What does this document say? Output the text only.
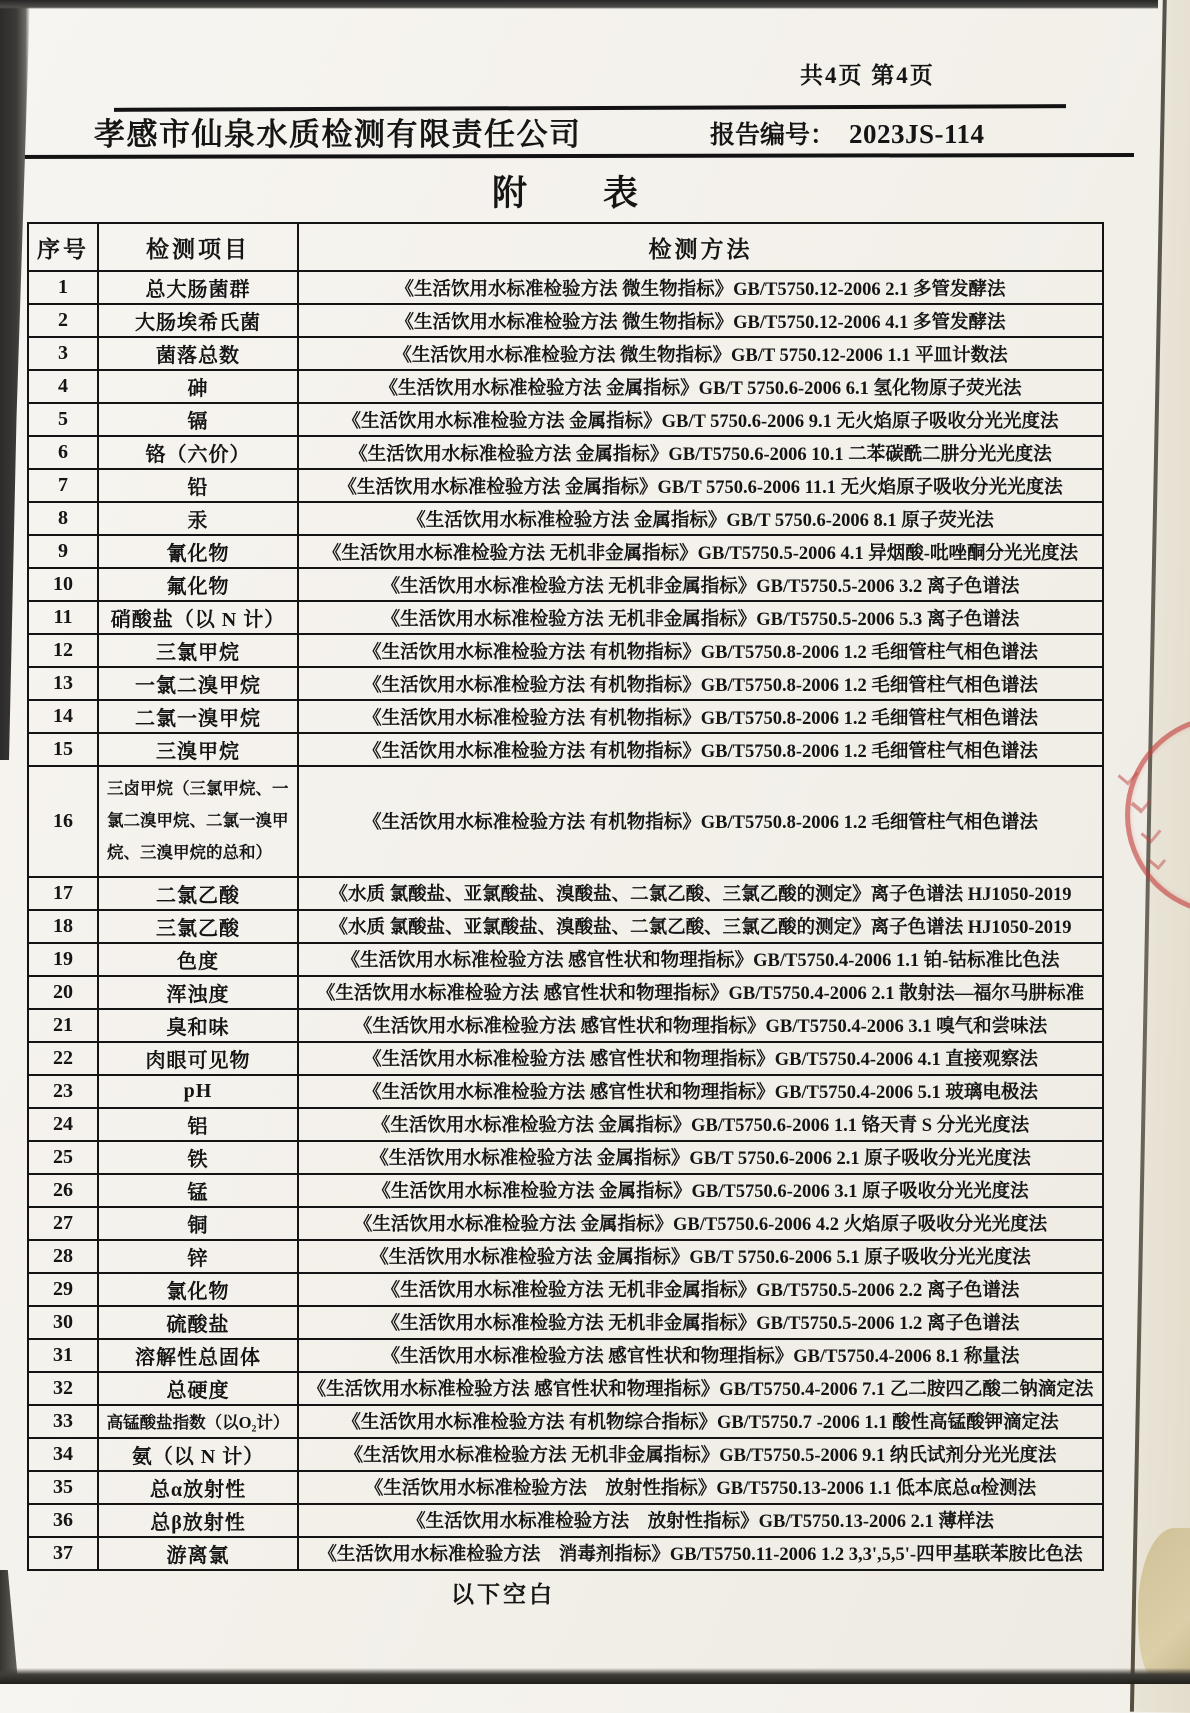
共4页 第4页
孝感市仙泉水质检测有限责任公司	报告编号： 2023JS-114
附　　表
序号	检测项目	检测方法
1	总大肠菌群	《生活饮用水标准检验方法 微生物指标》GB/T5750.12-2006 2.1 多管发酵法
2	大肠埃希氏菌	《生活饮用水标准检验方法 微生物指标》GB/T5750.12-2006 4.1 多管发酵法
3	菌落总数	《生活饮用水标准检验方法 微生物指标》GB/T 5750.12-2006 1.1 平皿计数法
4	砷	《生活饮用水标准检验方法 金属指标》GB/T 5750.6-2006 6.1 氢化物原子荧光法
5	镉	《生活饮用水标准检验方法 金属指标》GB/T 5750.6-2006 9.1 无火焰原子吸收分光光度法
6	铬（六价）	《生活饮用水标准检验方法 金属指标》GB/T5750.6-2006 10.1 二苯碳酰二肼分光光度法
7	铅	《生活饮用水标准检验方法 金属指标》GB/T 5750.6-2006 11.1 无火焰原子吸收分光光度法
8	汞	《生活饮用水标准检验方法 金属指标》GB/T 5750.6-2006 8.1 原子荧光法
9	氰化物	《生活饮用水标准检验方法 无机非金属指标》GB/T5750.5-2006 4.1 异烟酸-吡唑酮分光光度法
10	氟化物	《生活饮用水标准检验方法 无机非金属指标》GB/T5750.5-2006 3.2 离子色谱法
11	硝酸盐（以 N 计）	《生活饮用水标准检验方法 无机非金属指标》GB/T5750.5-2006 5.3 离子色谱法
12	三氯甲烷	《生活饮用水标准检验方法 有机物指标》GB/T5750.8-2006 1.2 毛细管柱气相色谱法
13	一氯二溴甲烷	《生活饮用水标准检验方法 有机物指标》GB/T5750.8-2006 1.2 毛细管柱气相色谱法
14	二氯一溴甲烷	《生活饮用水标准检验方法 有机物指标》GB/T5750.8-2006 1.2 毛细管柱气相色谱法
15	三溴甲烷	《生活饮用水标准检验方法 有机物指标》GB/T5750.8-2006 1.2 毛细管柱气相色谱法
16	三卤甲烷（三氯甲烷、一氯二溴甲烷、二氯一溴甲烷、三溴甲烷的总和）	《生活饮用水标准检验方法 有机物指标》GB/T5750.8-2006 1.2 毛细管柱气相色谱法
17	二氯乙酸	《水质 氯酸盐、亚氯酸盐、溴酸盐、二氯乙酸、三氯乙酸的测定》离子色谱法 HJ1050-2019
18	三氯乙酸	《水质 氯酸盐、亚氯酸盐、溴酸盐、二氯乙酸、三氯乙酸的测定》离子色谱法 HJ1050-2019
19	色度	《生活饮用水标准检验方法 感官性状和物理指标》GB/T5750.4-2006 1.1 铂-钴标准比色法
20	浑浊度	《生活饮用水标准检验方法 感官性状和物理指标》GB/T5750.4-2006 2.1 散射法—福尔马肼标准
21	臭和味	《生活饮用水标准检验方法 感官性状和物理指标》GB/T5750.4-2006 3.1 嗅气和尝味法
22	肉眼可见物	《生活饮用水标准检验方法 感官性状和物理指标》GB/T5750.4-2006 4.1 直接观察法
23	pH	《生活饮用水标准检验方法 感官性状和物理指标》GB/T5750.4-2006 5.1 玻璃电极法
24	铝	《生活饮用水标准检验方法 金属指标》GB/T5750.6-2006 1.1 铬天青 S 分光光度法
25	铁	《生活饮用水标准检验方法 金属指标》GB/T 5750.6-2006 2.1 原子吸收分光光度法
26	锰	《生活饮用水标准检验方法 金属指标》GB/T5750.6-2006 3.1 原子吸收分光光度法
27	铜	《生活饮用水标准检验方法 金属指标》GB/T5750.6-2006 4.2 火焰原子吸收分光光度法
28	锌	《生活饮用水标准检验方法 金属指标》GB/T 5750.6-2006 5.1 原子吸收分光光度法
29	氯化物	《生活饮用水标准检验方法 无机非金属指标》GB/T5750.5-2006 2.2 离子色谱法
30	硫酸盐	《生活饮用水标准检验方法 无机非金属指标》GB/T5750.5-2006 1.2 离子色谱法
31	溶解性总固体	《生活饮用水标准检验方法 感官性状和物理指标》GB/T5750.4-2006 8.1 称量法
32	总硬度	《生活饮用水标准检验方法 感官性状和物理指标》GB/T5750.4-2006 7.1 乙二胺四乙酸二钠滴定法
33	高锰酸盐指数（以O₂计）	《生活饮用水标准检验方法 有机物综合指标》GB/T5750.7 -2006 1.1 酸性高锰酸钾滴定法
34	氨（以 N 计）	《生活饮用水标准检验方法 无机非金属指标》GB/T5750.5-2006 9.1 纳氏试剂分光光度法
35	总α放射性	《生活饮用水标准检验方法　放射性指标》GB/T5750.13-2006 1.1 低本底总α检测法
36	总β放射性	《生活饮用水标准检验方法　放射性指标》GB/T5750.13-2006 2.1 薄样法
37	游离氯	《生活饮用水标准检验方法　消毒剂指标》GB/T5750.11-2006 1.2 3,3',5,5'-四甲基联苯胺比色法
以下空白
